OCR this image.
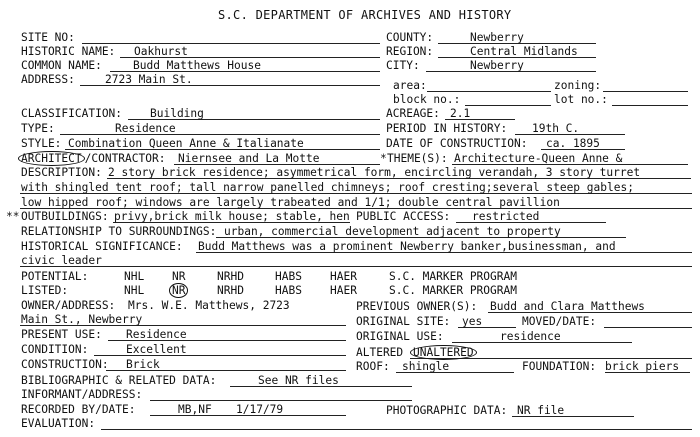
S.C. DEPARTMENT OF ARCHIVES AND HISTORY
SITE NO:	COUNTY:	Newberry
HISTORIC NAME: Oakhurst	REGION:	Central Midlands
COMMON NAME:	Budd Matthews House	CITY:	Newberry
ADDRESS:	2723 Main St.	area:	zoning:
block no.:	lot no.:
CLASSIFICATION: Building	ACREAGE: 2.1
TYPE:	Residence	PERIOD IN HISTORY: 19th C.
STYLE: Combination Queen Anne & Italianate	DATE OF CONSTRUCTION: ca. 1895
ARCHITECT /CONTRACTOR: Niernsee and La Motte	* THEME(S): Architecture-Queen Anne &
DESCRIPTION: 2 story brick residence; asymmetrical form, encircling verandah, 3 story turret
with shingled tent roof; tall narrow panelled chimneys; roof cresting;several steep gables;
low hipped roof; windows are largely trabeated and 1/1; double central pavillion
** OUTBUILDINGS: privy,brick milk house; stable, hen PUBLIC ACCESS: restricted
RELATIONSHIP TO SURROUNDINGS: urban, commercial development adjacent to property
HISTORICAL SIGNIFICANCE: Budd Matthews was a prominent Newberry banker,businessman, and
civic leader
POTENTIAL:	NHL NR	NRHD	HABS	HAER	S.C. MARKER PROGRAM
LISTED:	NHL NR	NRHD	HABS	HAER	S.C. MARKER PROGRAM
OWNER/ADDRESS: Mrs. W.E. Matthews, 2723	PREVIOUS OWNER(S): Budd and Clara Matthews
Main St., Newberry	ORIGINAL SITE: yes	MOVED/DATE:
PRESENT USE: Residence	ORIGINAL USE:	residence
CONDITION:	Excellent	ALTERED UNALTERED
CONSTRUCTION: Brick	ROOF: shingle	FOUNDATION: brick piers
BIBLIOGRAPHIC & RELATED DATA:	See NR files
INFORMANT/ADDRESS:
RECORDED BY/DATE:	MB,NF 1/17/79	PHOTOGRAPHIC DATA: NR file
EVALUATION:
